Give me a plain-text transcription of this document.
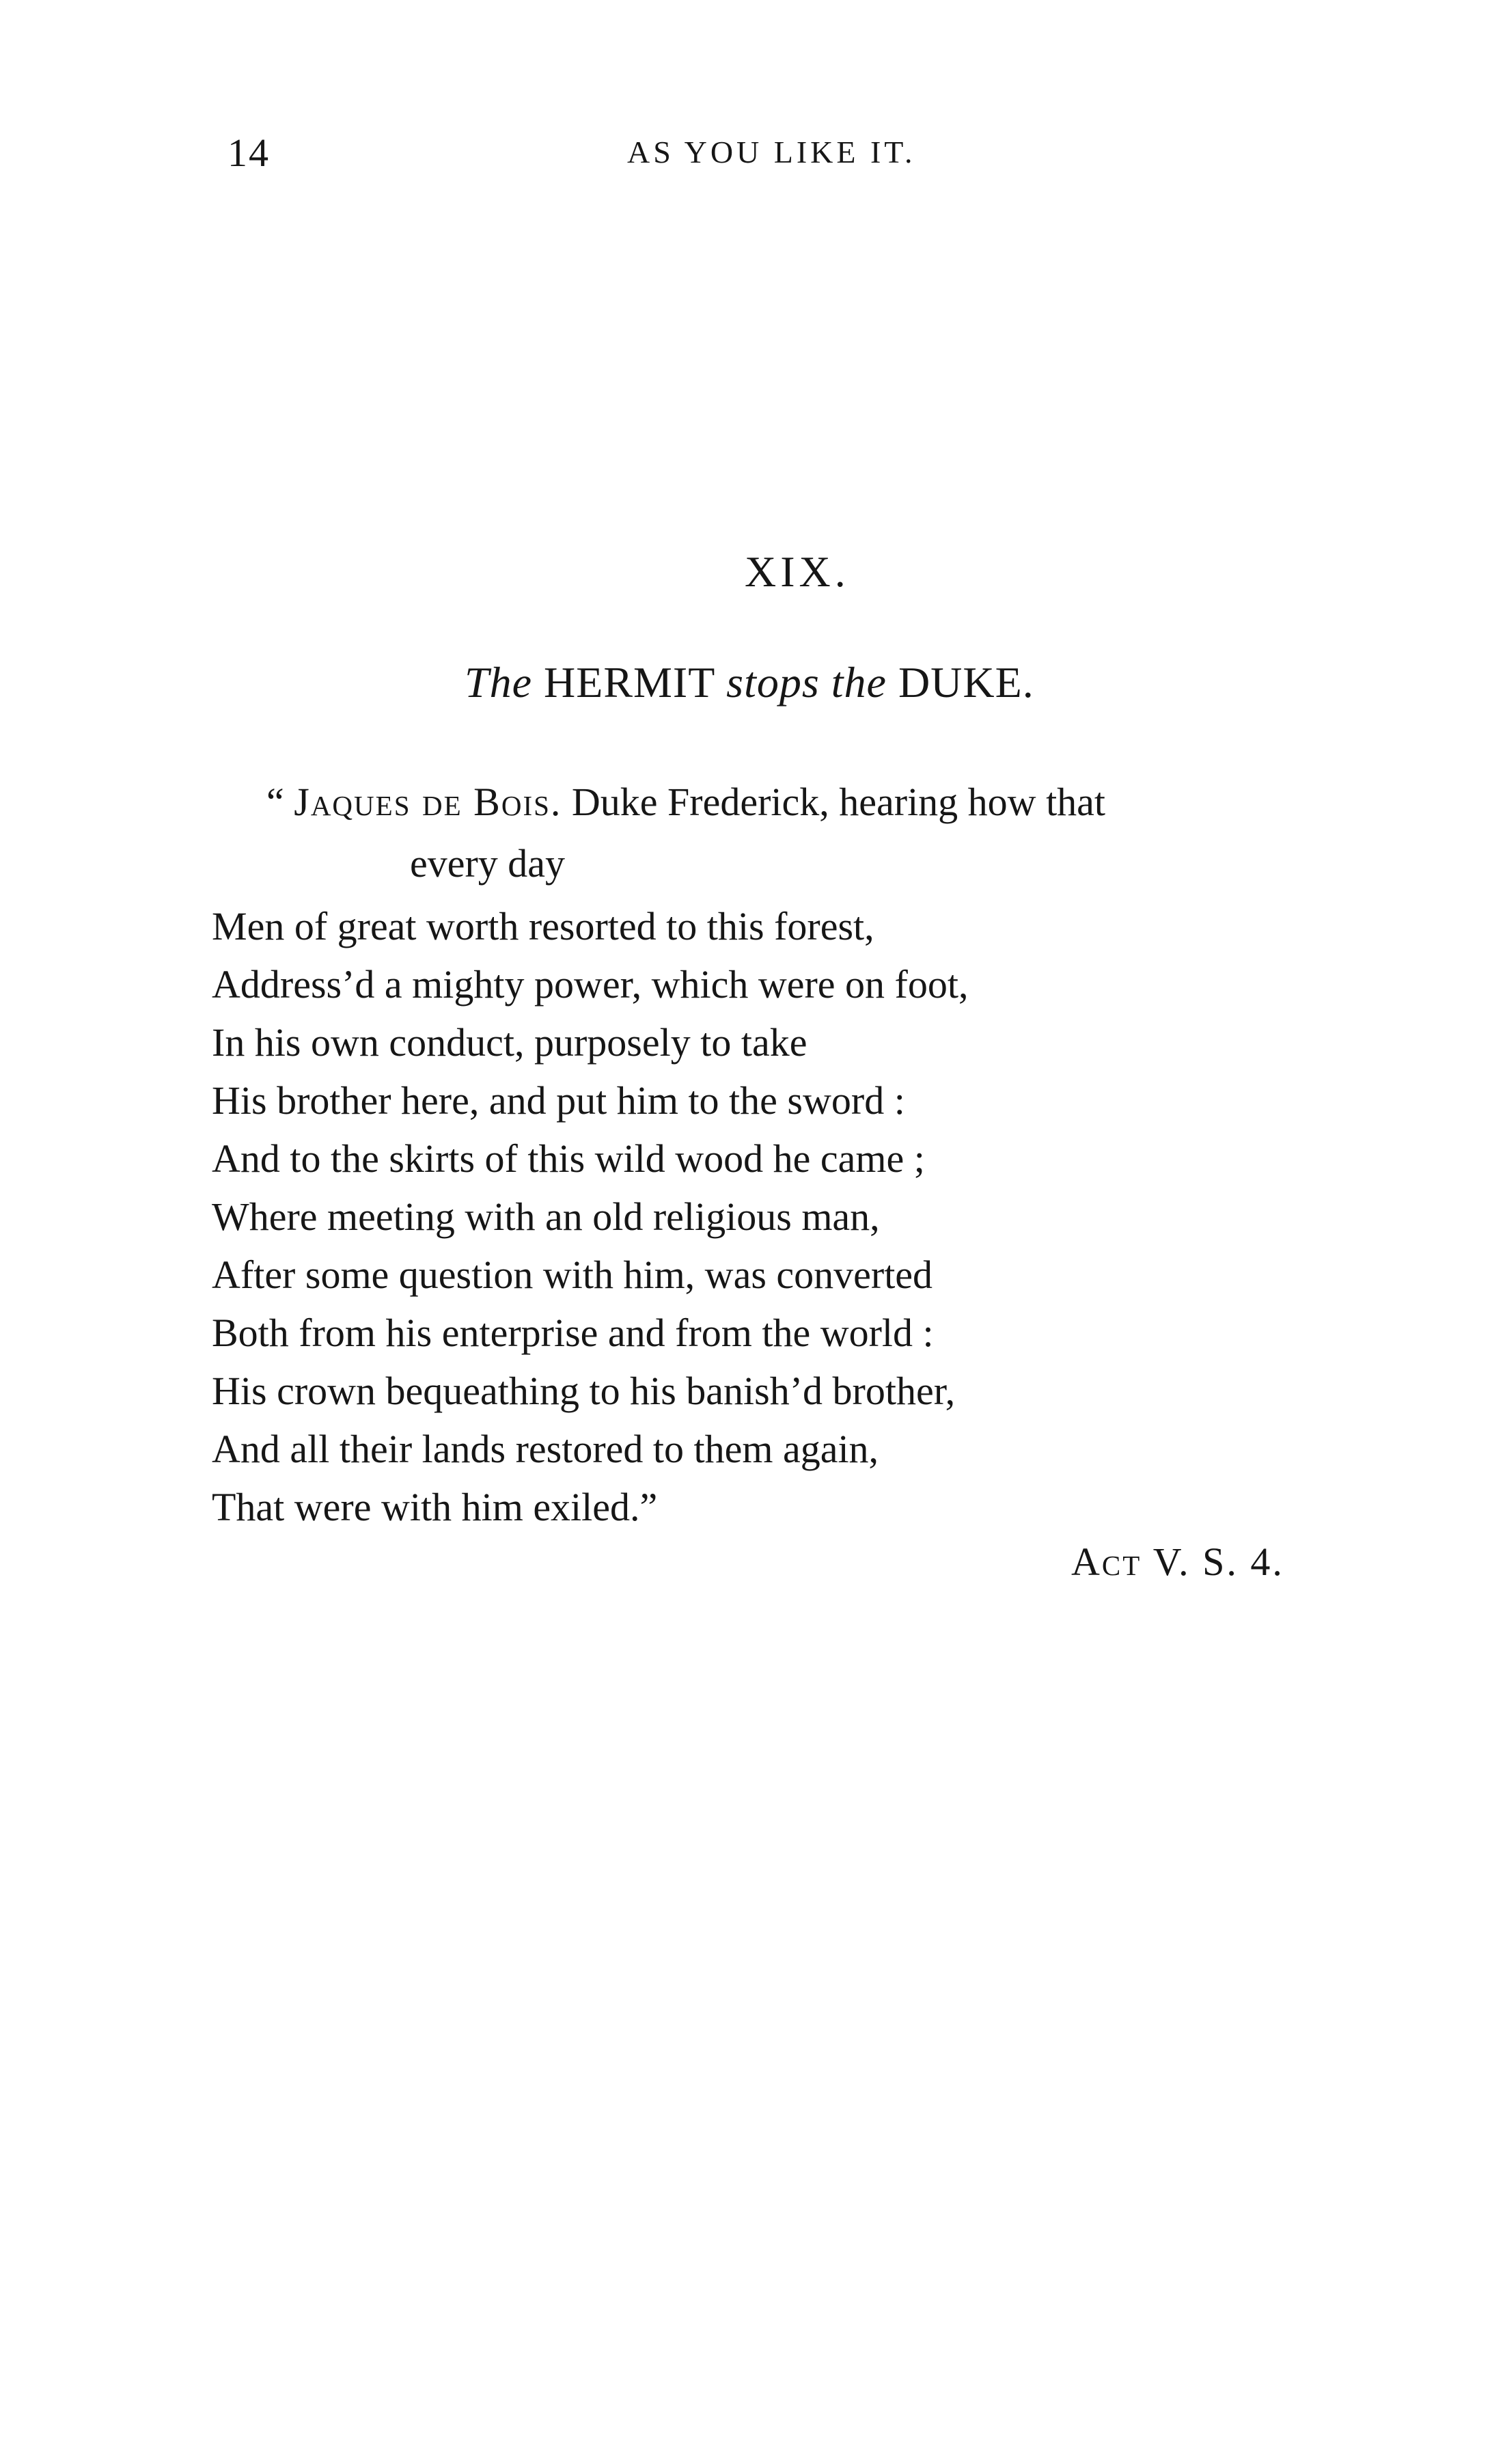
14	AS YOU LIKE IT.
XIX.
The HERMIT stops the DUKE.
“ Jaques de Bois. Duke Frederick, hearing how that
every day
Men of great worth resorted to this forest,
Address’d a mighty power, which were on foot,
In his own conduct, purposely to take
His brother here, and put him to the sword :
And to the skirts of this wild wood he came ;
Where meeting with an old religious man,
After some question with him, was converted
Both from his enterprise and from the world :
His crown bequeathing to his banish’d brother,
And all their lands restored to them again,
That were with him exiled.”
Act V. S. 4.
